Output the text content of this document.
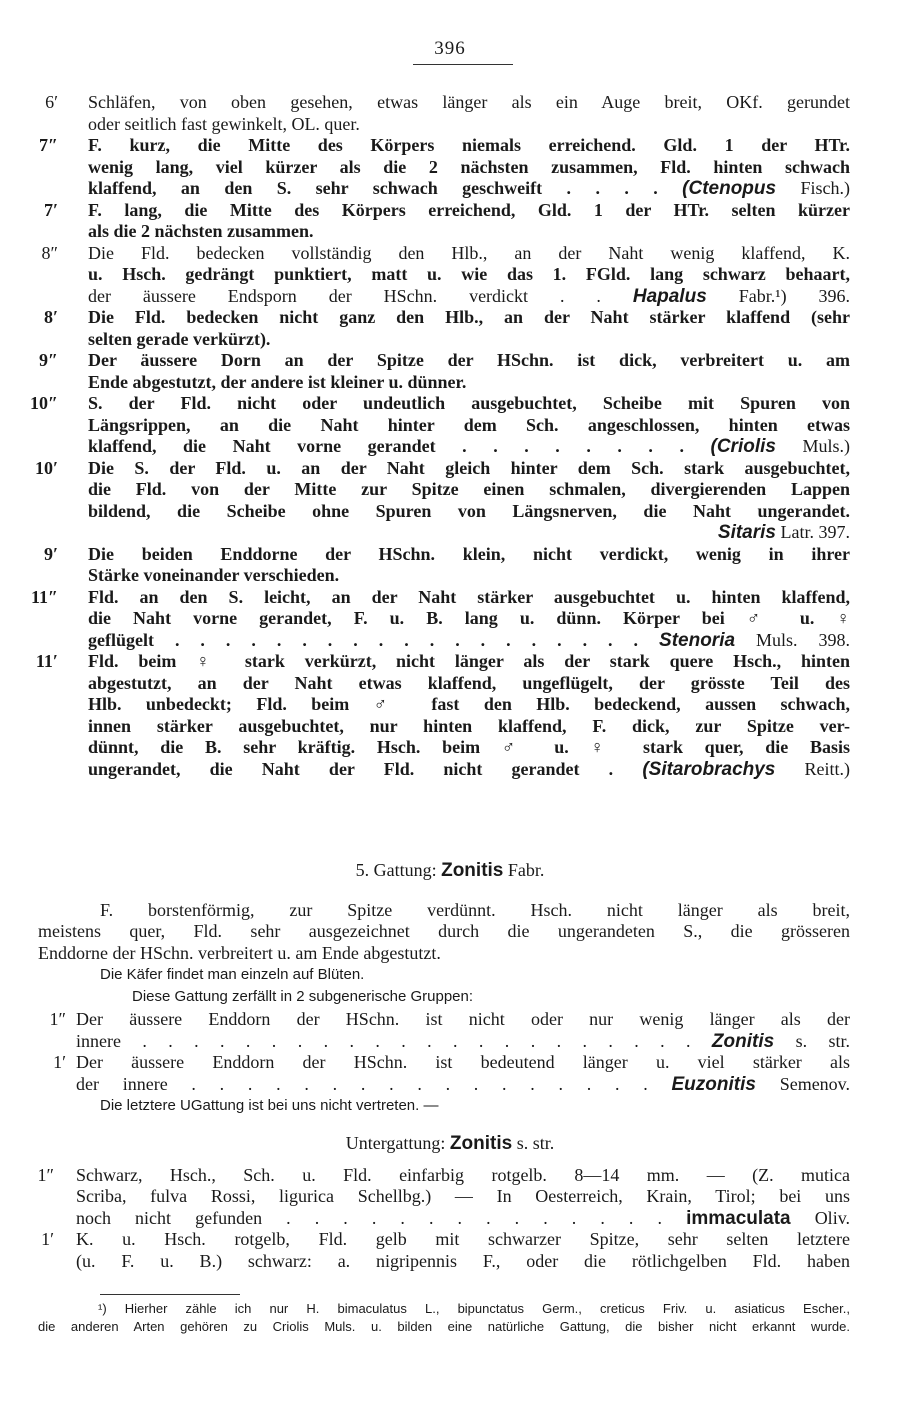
396
6′ Schläfen, von oben gesehen, etwas länger als ein Auge breit, OKf. gerundet
oder seitlich fast gewinkelt, OL. quer.
7″ F. kurz, die Mitte des Körpers niemals erreichend. Gld. 1 der HTr.
wenig lang, viel kürzer als die 2 nächsten zusammen, Fld. hinten schwach
klaffend, an den S. sehr schwach geschweift . . . . (Ctenopus Fisch.)
7′ F. lang, die Mitte des Körpers erreichend, Gld. 1 der HTr. selten kürzer
als die 2 nächsten zusammen.
8″ Die Fld. bedecken vollständig den Hlb., an der Naht wenig klaffend, K.
u. Hsch. gedrängt punktiert, matt u. wie das 1. FGld. lang schwarz behaart,
der äussere Endsporn der HSchn. verdickt . . Hapalus Fabr.¹) 396.
8′ Die Fld. bedecken nicht ganz den Hlb., an der Naht stärker klaffend (sehr
selten gerade verkürzt).
9″ Der äussere Dorn an der Spitze der HSchn. ist dick, verbreitert u. am
Ende abgestutzt, der andere ist kleiner u. dünner.
10″ S. der Fld. nicht oder undeutlich ausgebuchtet, Scheibe mit Spuren von
Längsrippen, an die Naht hinter dem Sch. angeschlossen, hinten etwas
klaffend, die Naht vorne gerandet . . . . . . . . (Criolis Muls.)
10′ Die S. der Fld. u. an der Naht gleich hinter dem Sch. stark ausgebuchtet,
die Fld. von der Mitte zur Spitze einen schmalen, divergierenden Lappen
bildend, die Scheibe ohne Spuren von Längsnerven, die Naht ungerandet.
Sitaris Latr. 397.
9′ Die beiden Enddorne der HSchn. klein, nicht verdickt, wenig in ihrer
Stärke voneinander verschieden.
11″ Fld. an den S. leicht, an der Naht stärker ausgebuchtet u. hinten klaffend,
die Naht vorne gerandet, F. u. B. lang u. dünn. Körper bei ♂ u. ♀
geflügelt . . . . . . . . . . . . . . . . . . . Stenoria Muls. 398.
11′ Fld. beim ♀ stark verkürzt, nicht länger als der stark quere Hsch., hinten
abgestutzt, an der Naht etwas klaffend, ungeflügelt, der grösste Teil des
Hlb. unbedeckt; Fld. beim ♂ fast den Hlb. bedeckend, aussen schwach,
innen stärker ausgebuchtet, nur hinten klaffend, F. dick, zur Spitze ver-
dünnt, die B. sehr kräftig. Hsch. beim ♂ u. ♀ stark quer, die Basis
ungerandet, die Naht der Fld. nicht gerandet . (Sitarobrachys Reitt.)
5. Gattung: Zonitis Fabr.
F. borstenförmig, zur Spitze verdünnt. Hsch. nicht länger als breit,
meistens quer, Fld. sehr ausgezeichnet durch die ungerandeten S., die grösseren
Enddorne der HSchn. verbreitert u. am Ende abgestutzt.
Die Käfer findet man einzeln auf Blüten.
Diese Gattung zerfällt in 2 subgenerische Gruppen:
1″ Der äussere Enddorn der HSchn. ist nicht oder nur wenig länger als der
innere . . . . . . . . . . . . . . . . . . . . . . Zonitis s. str.
1′ Der äussere Enddorn der HSchn. ist bedeutend länger u. viel stärker als
der innere . . . . . . . . . . . . . . . . . Euzonitis Semenov.
Die letztere UGattung ist bei uns nicht vertreten. —
Untergattung: Zonitis s. str.
1″ Schwarz, Hsch., Sch. u. Fld. einfarbig rotgelb. 8—14 mm. — (Z. mutica
Scriba, fulva Rossi, ligurica Schellbg.) — In Oesterreich, Krain, Tirol; bei uns
noch nicht gefunden . . . . . . . . . . . . . . immaculata Oliv.
1′ K. u. Hsch. rotgelb, Fld. gelb mit schwarzer Spitze, sehr selten letztere
(u. F. u. B.) schwarz: a. nigripennis F., oder die rötlichgelben Fld. haben
¹) Hierher zähle ich nur H. bimaculatus L., bipunctatus Germ., creticus Friv. u. asiaticus Escher.,
die anderen Arten gehören zu Criolis Muls. u. bilden eine natürliche Gattung, die bisher nicht erkannt wurde.
